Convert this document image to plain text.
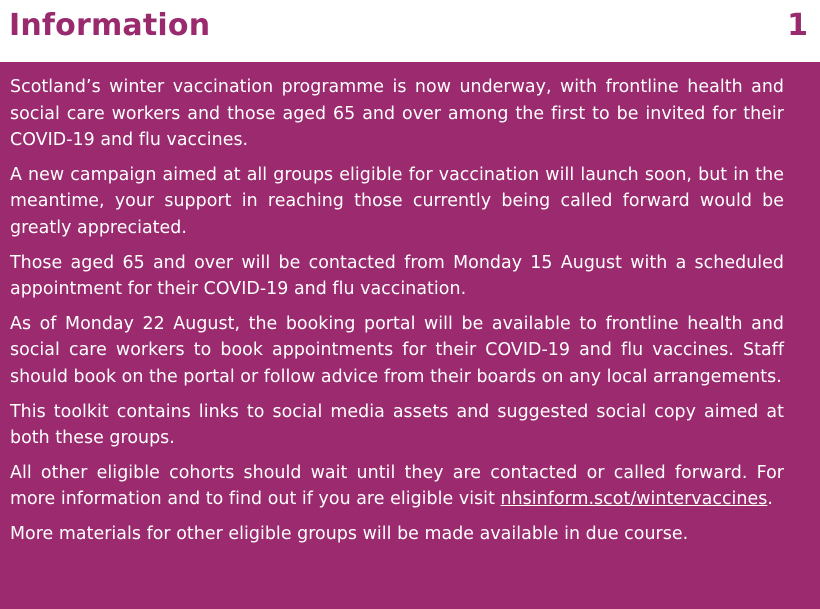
Information	1

Scotland’s winter vaccination programme is now underway, with frontline health and social care workers and those aged 65 and over among the first to be invited for their COVID-19 and flu vaccines.

A new campaign aimed at all groups eligible for vaccination will launch soon, but in the meantime, your support in reaching those currently being called forward would be greatly appreciated.

Those aged 65 and over will be contacted from Monday 15 August with a scheduled appointment for their COVID-19 and flu vaccination.

As of Monday 22 August, the booking portal will be available to frontline health and social care workers to book appointments for their COVID-19 and flu vaccines. Staff should book on the portal or follow advice from their boards on any local arrangements.

This toolkit contains links to social media assets and suggested social copy aimed at both these groups.

All other eligible cohorts should wait until they are contacted or called forward. For more information and to find out if you are eligible visit nhsinform.scot/wintervaccines.

More materials for other eligible groups will be made available in due course.
